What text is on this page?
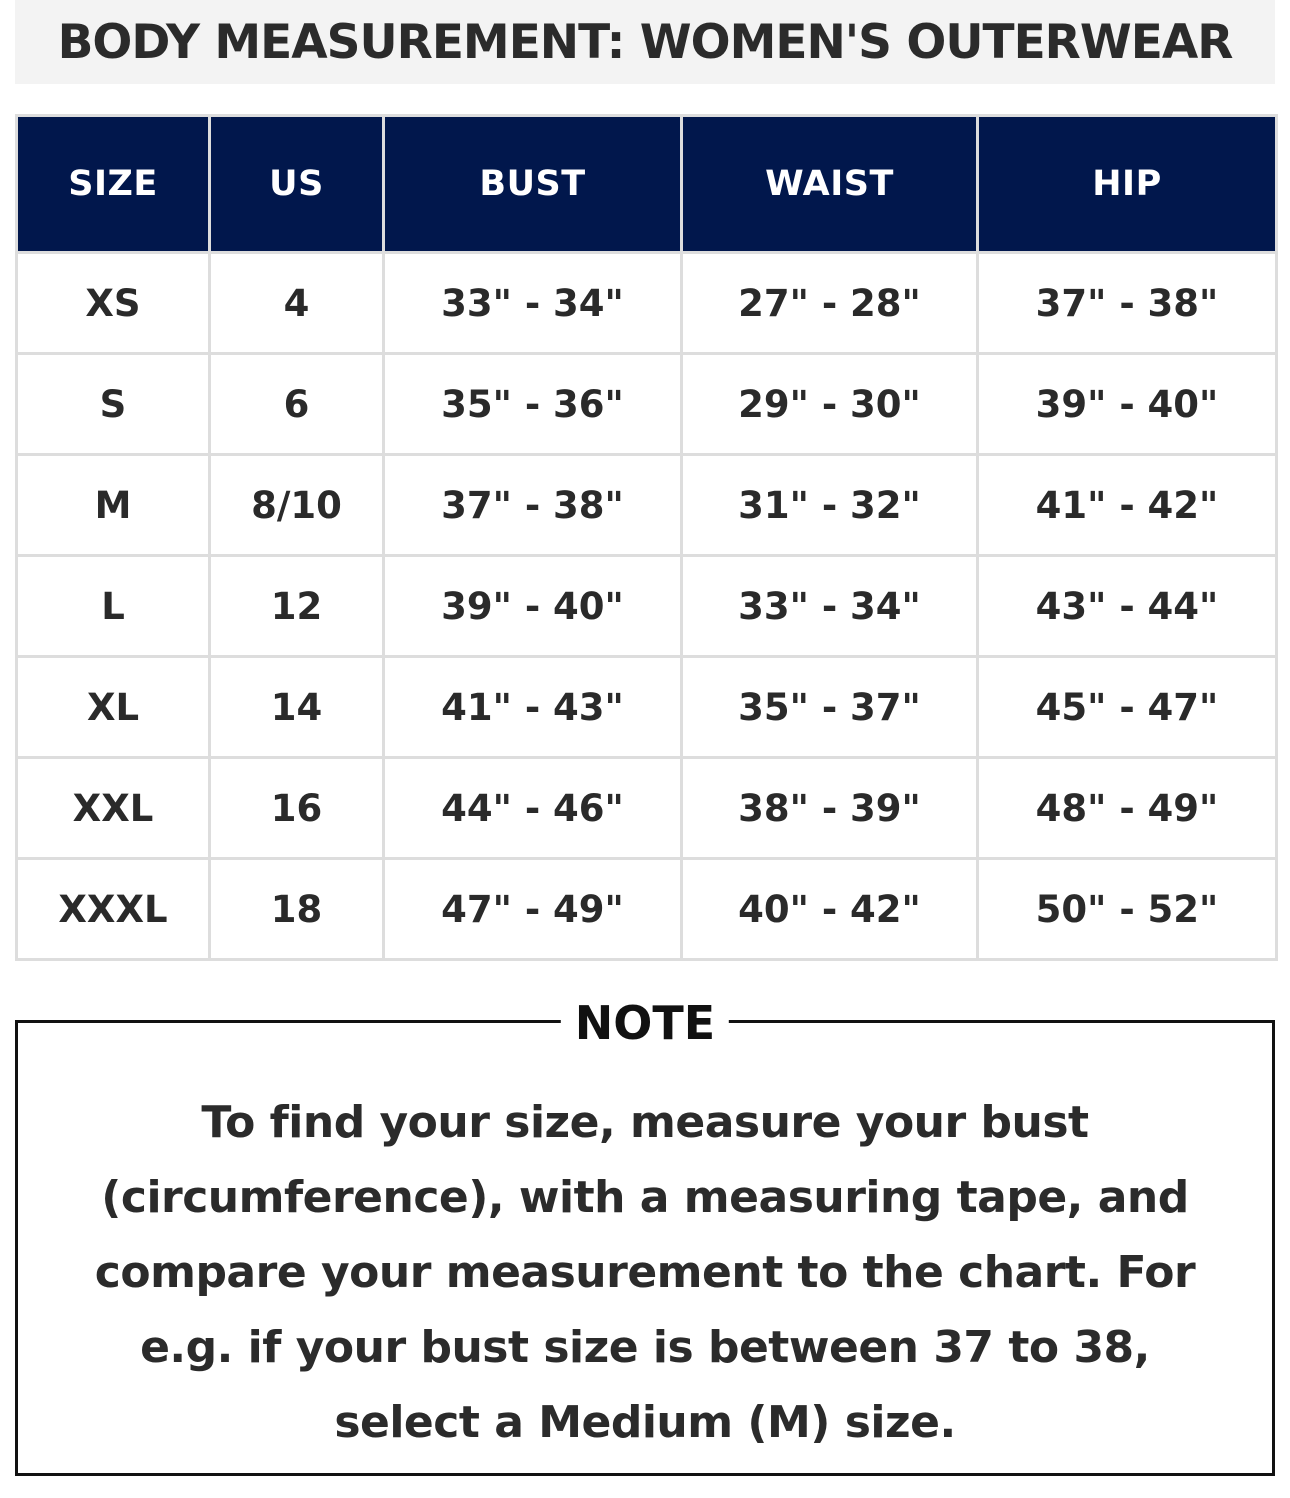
BODY MEASUREMENT: WOMEN'S OUTERWEAR
SIZE	US	BUST	WAIST	HIP
XS	4	33" - 34"	27" - 28"	37" - 38"
S	6	35" - 36"	29" - 30"	39" - 40"
M	8/10	37" - 38"	31" - 32"	41" - 42"
L	12	39" - 40"	33" - 34"	43" - 44"
XL	14	41" - 43"	35" - 37"	45" - 47"
XXL	16	44" - 46"	38" - 39"	48" - 49"
XXXL	18	47" - 49"	40" - 42"	50" - 52"
NOTE

To find your size, measure your bust (circumference), with a measuring tape, and compare your measurement to the chart. For e.g. if your bust size is between 37 to 38, select a Medium (M) size.
